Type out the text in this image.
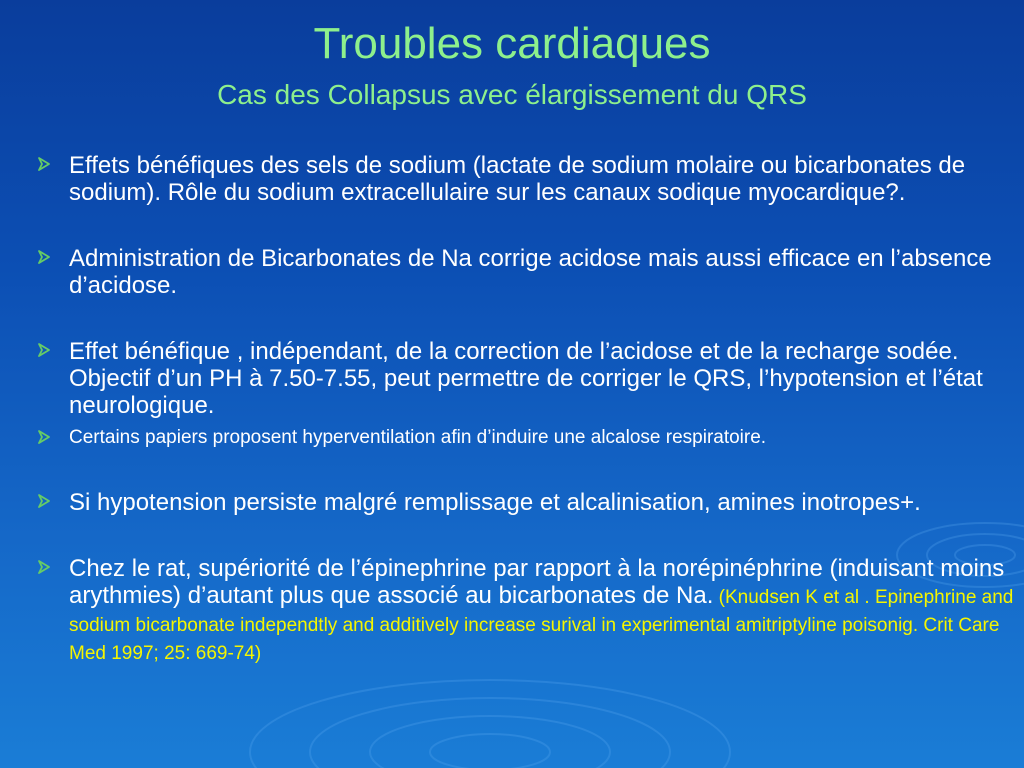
Troubles cardiaques
Cas des Collapsus avec élargissement du QRS
Effets bénéfiques des sels de sodium (lactate de sodium molaire ou bicarbonates de sodium). Rôle du sodium extracellulaire sur les canaux sodique myocardique?.
Administration de Bicarbonates de Na corrige acidose mais aussi efficace en l’absence d’acidose.
Effet bénéfique , indépendant, de la correction de l’acidose et de la recharge sodée. Objectif d’un PH à 7.50-7.55, peut permettre de corriger le QRS, l’hypotension et l’état neurologique.
Certains papiers proposent hyperventilation afin d’induire une alcalose respiratoire.
Si hypotension persiste malgré remplissage et alcalinisation, amines inotropes+.
Chez le rat, supériorité de l’épinephrine par rapport à la norépinéphrine (induisant moins arythmies) d’autant plus que associé au bicarbonates de Na. (Knudsen K et al . Epinephrine and sodium bicarbonate independtly and additively increase surival in experimental amitriptyline poisonig. Crit Care Med 1997; 25: 669-74)
